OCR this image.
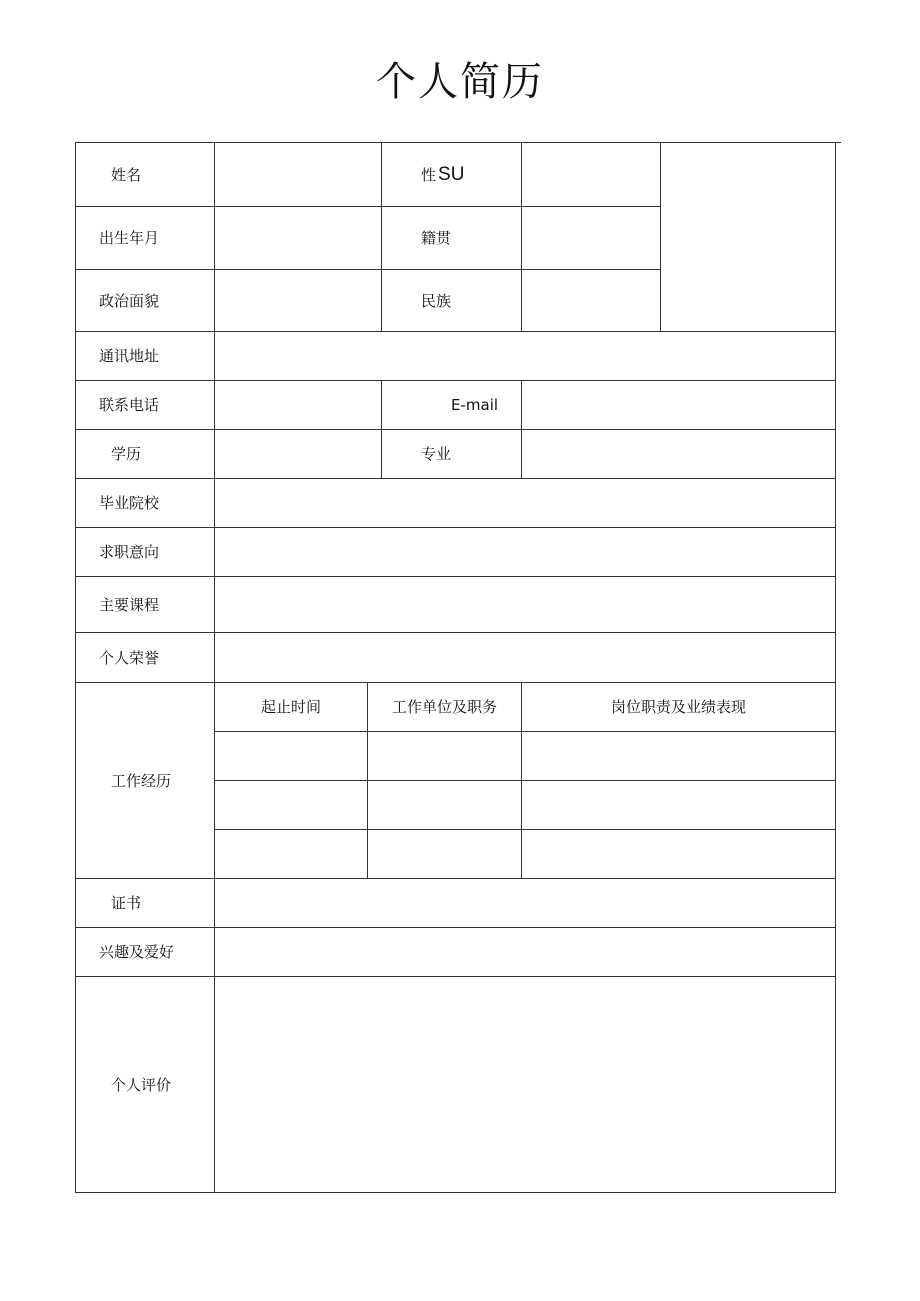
个人简历
姓名	性 SU
出生年月	籍贯
政治面貌	民族
通讯地址
联系电话	E-mail
学历	专业
毕业院校
求职意向
主要课程
个人荣誉
工作经历
起止时间	工作单位及职务	岗位职责及业绩表现
证书
兴趣及爱好
个人评价
